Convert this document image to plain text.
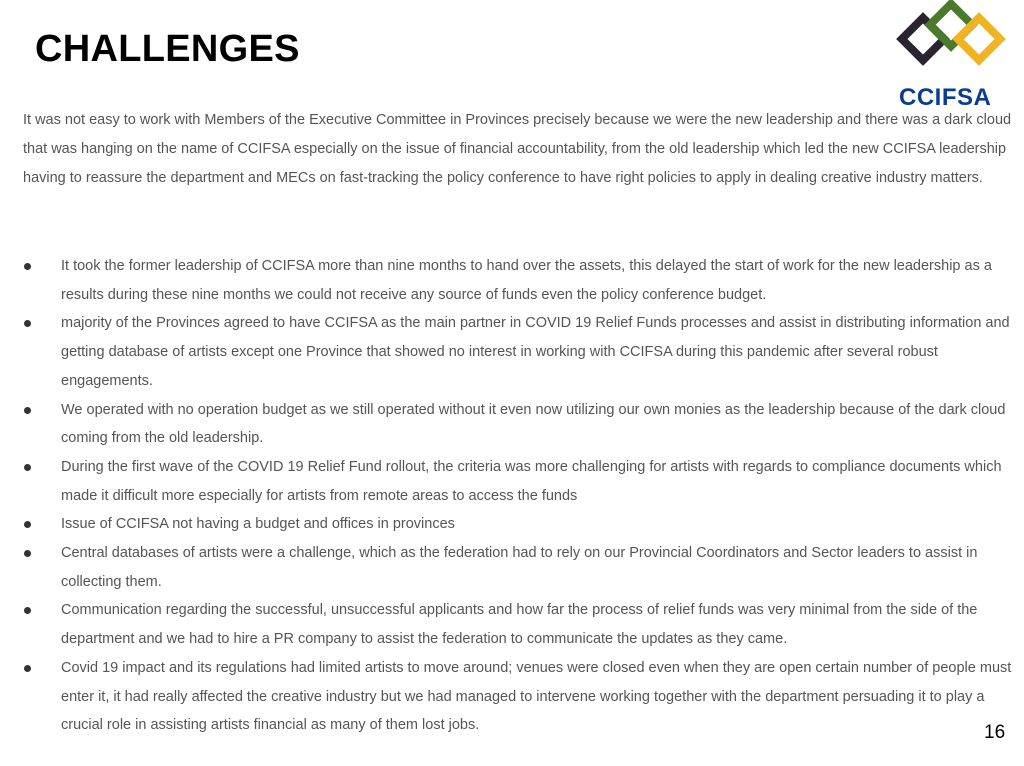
CHALLENGES
CCIFSA

It was not easy to work with Members of the Executive Committee in Provinces precisely because we were the new leadership and there was a dark cloud that was hanging on the name of CCIFSA especially on the issue of financial accountability, from the old leadership which led the new CCIFSA leadership having to reassure the department and MECs on fast-tracking the policy conference to have right policies to apply in dealing creative industry matters.

It took the former leadership of CCIFSA more than nine months to hand over the assets, this delayed the start of work for the new leadership as a results during these nine months we could not receive any source of funds even the policy conference budget.
majority of the Provinces agreed to have CCIFSA as the main partner in COVID 19 Relief Funds processes and assist in distributing information and getting database of artists except one Province that showed no interest in working with CCIFSA during this pandemic after several robust engagements.
We operated with no operation budget as we still operated without it even now utilizing our own monies as the leadership because of the dark cloud coming from the old leadership.
During the first wave of the COVID 19 Relief Fund rollout, the criteria was more challenging for artists with regards to compliance documents which made it difficult more especially for artists from remote areas to access the funds
Issue of CCIFSA not having a budget and offices in provinces
Central databases of artists were a challenge, which as the federation had to rely on our Provincial Coordinators and Sector leaders to assist in collecting them.
Communication regarding the successful, unsuccessful applicants and how far the process of relief funds was very minimal from the side of the department and we had to hire a PR company to assist the federation to communicate the updates as they came.
Covid 19 impact and its regulations had limited artists to move around; venues were closed even when they are open certain number of people must enter it, it had really affected the creative industry but we had managed to intervene working together with the department persuading it to play a crucial role in assisting artists financial as many of them lost jobs.	16
